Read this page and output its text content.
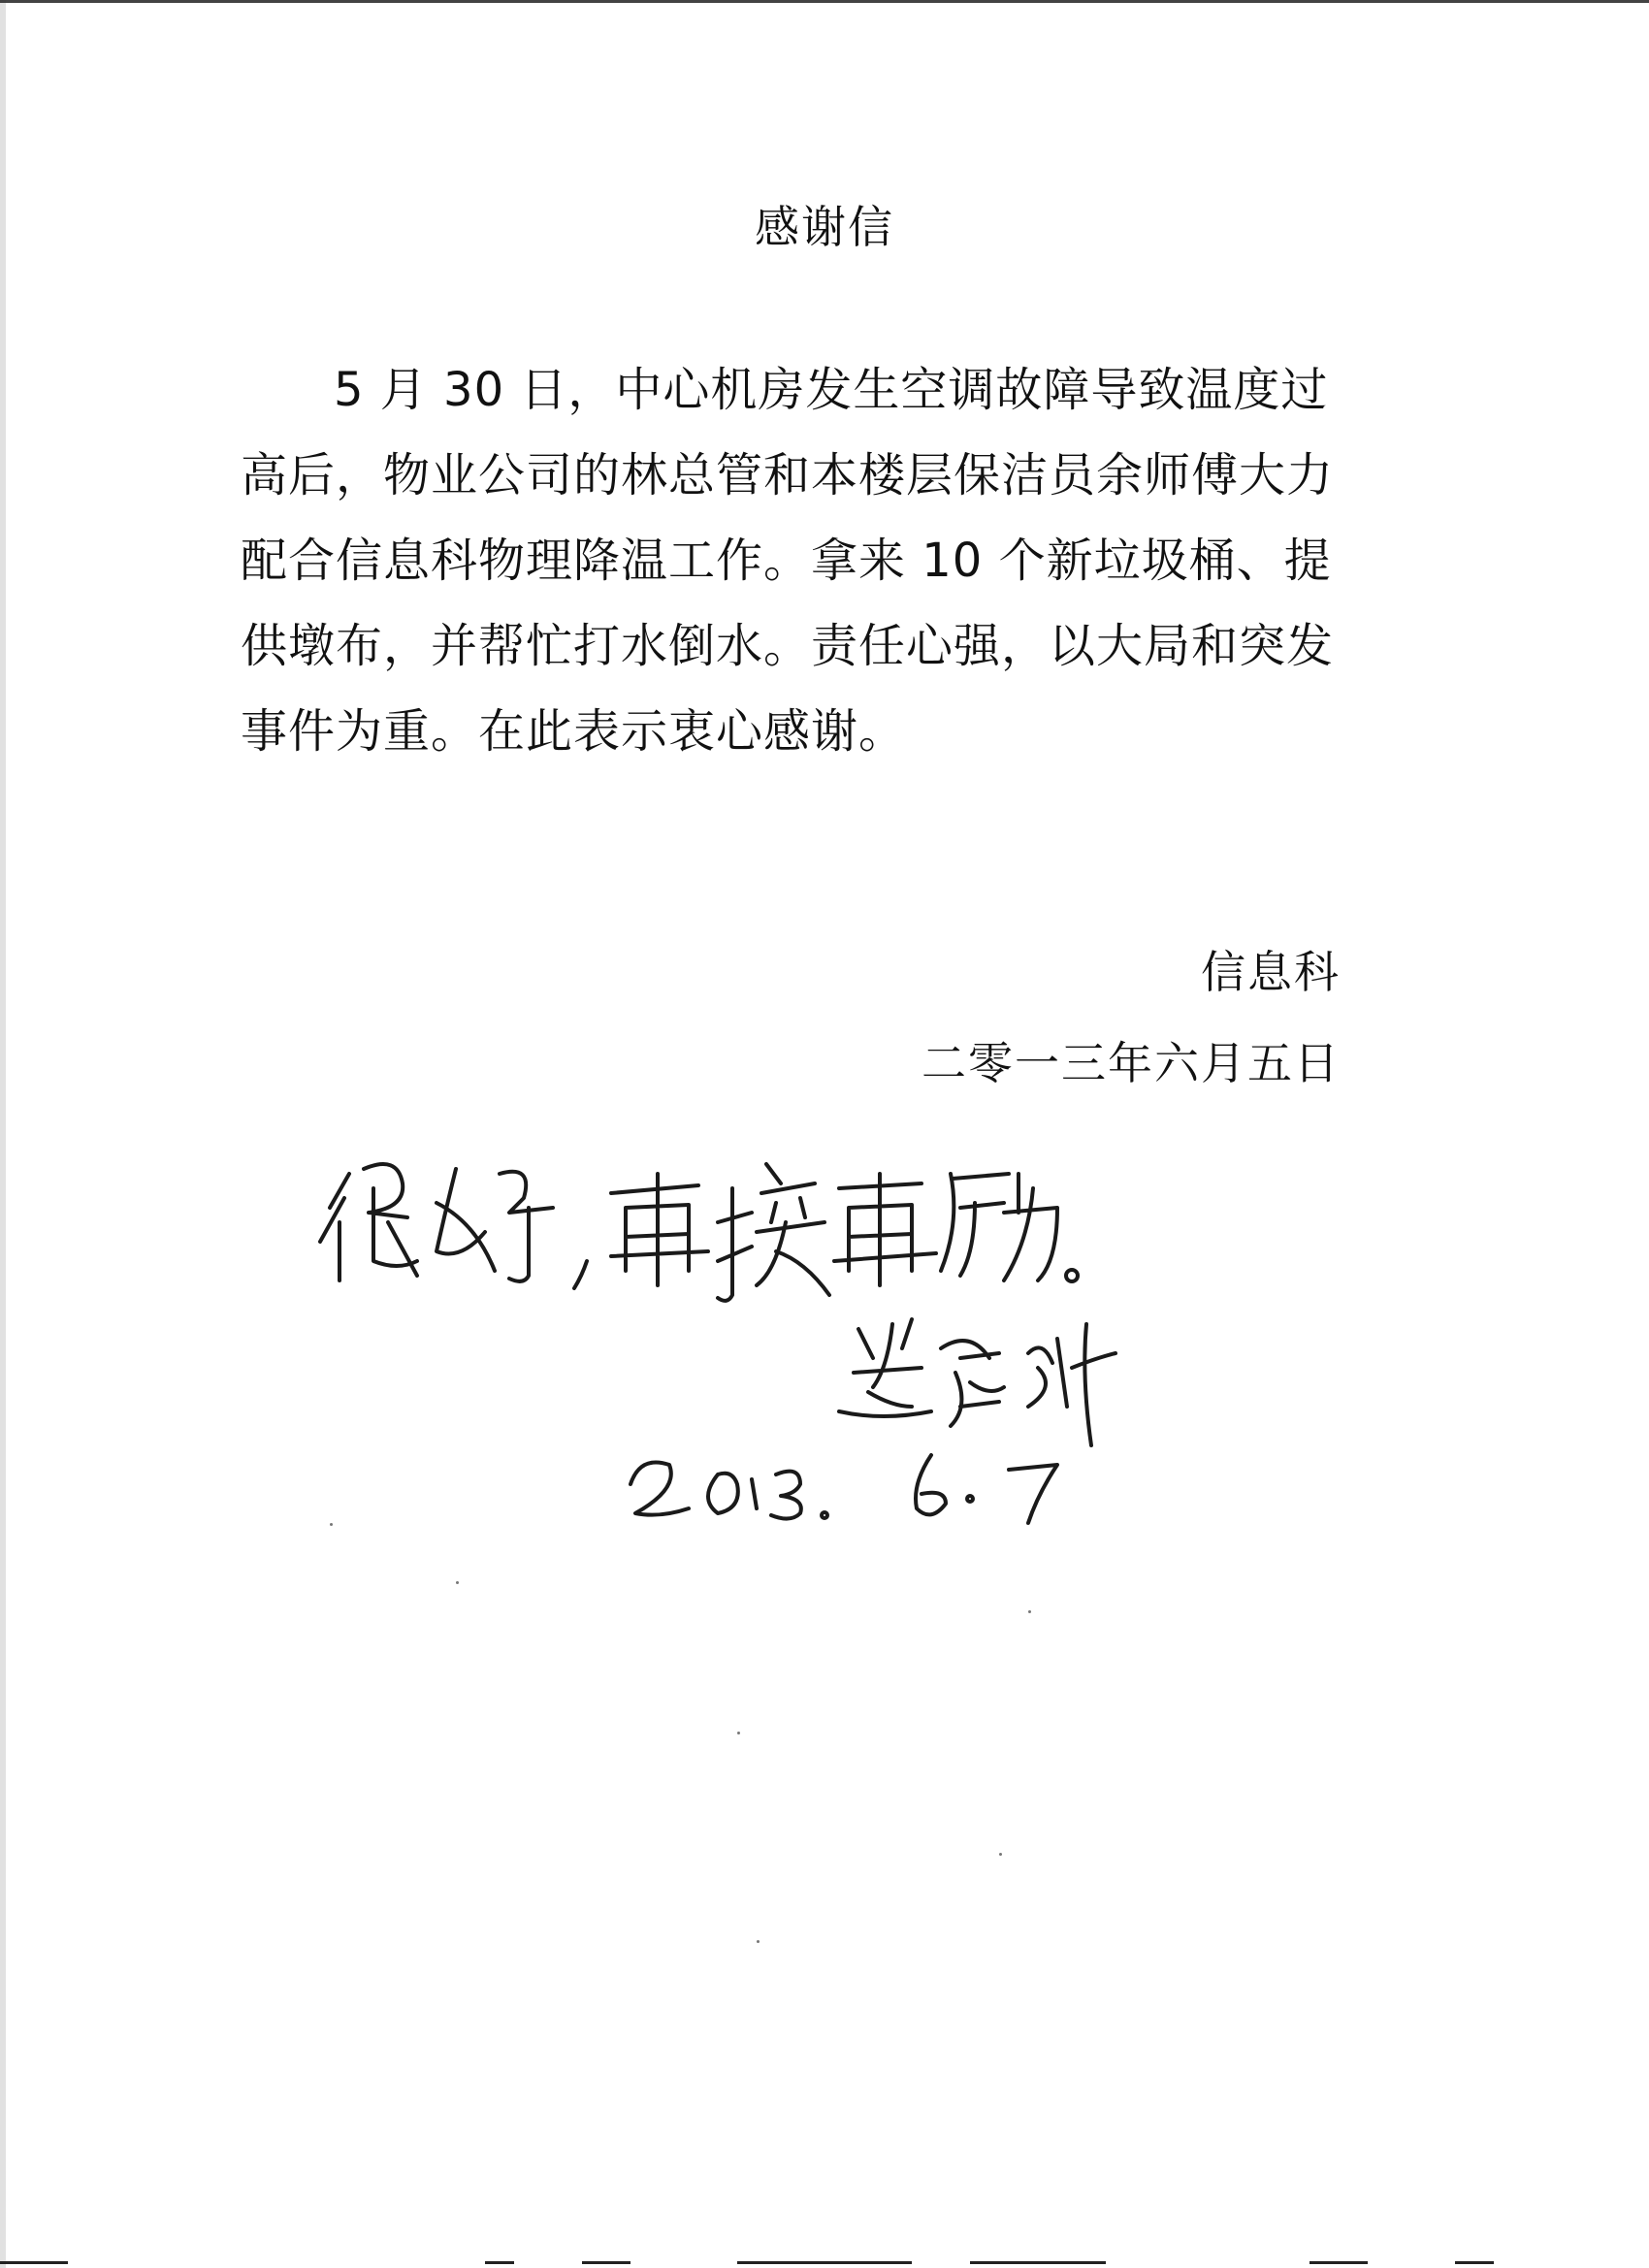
感谢信
5 月 30 日，中心机房发生空调故障导致温度过高后，物业公司的林总管和本楼层保洁员余师傅大力配合信息科物理降温工作。拿来 10 个新垃圾桶、提供墩布，并帮忙打水倒水。责任心强，以大局和突发事件为重。在此表示衷心感谢。
信息科
二零一三年六月五日
